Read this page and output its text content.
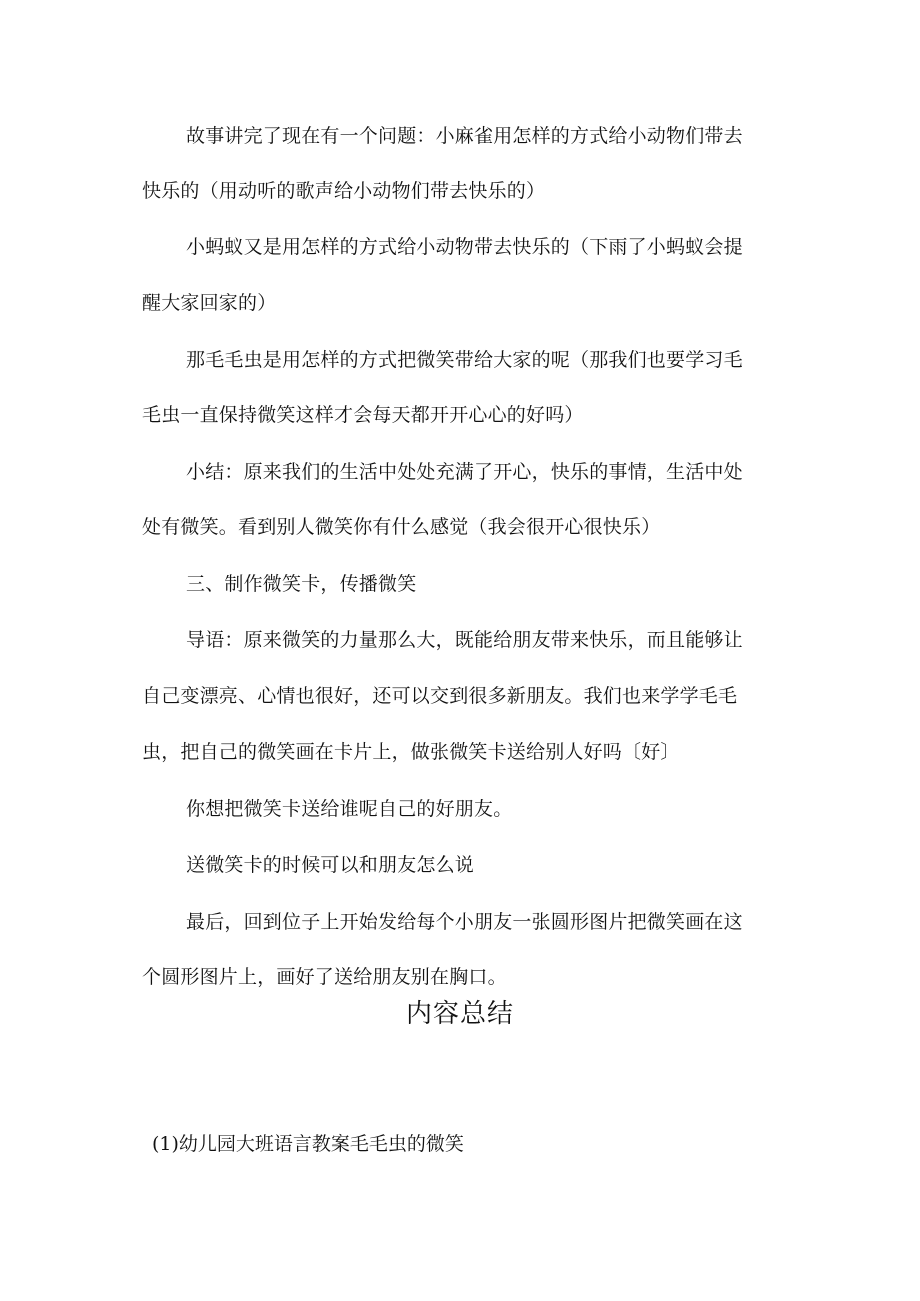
故事讲完了现在有一个问题：小麻雀用怎样的方式给小动物们带去
快乐的（用动听的歌声给小动物们带去快乐的）
小蚂蚁又是用怎样的方式给小动物带去快乐的（下雨了小蚂蚁会提
醒大家回家的）
那毛毛虫是用怎样的方式把微笑带给大家的呢（那我们也要学习毛
毛虫一直保持微笑这样才会每天都开开心心的好吗）
小结：原来我们的生活中处处充满了开心，快乐的事情，生活中处
处有微笑。看到别人微笑你有什么感觉（我会很开心很快乐）
三、制作微笑卡，传播微笑
导语：原来微笑的力量那么大，既能给朋友带来快乐，而且能够让
自己变漂亮、心情也很好，还可以交到很多新朋友。我们也来学学毛毛
虫，把自己的微笑画在卡片上，做张微笑卡送给别人好吗〔好〕
你想把微笑卡送给谁呢自己的好朋友。
送微笑卡的时候可以和朋友怎么说
最后，回到位子上开始发给每个小朋友一张圆形图片把微笑画在这
个圆形图片上，画好了送给朋友别在胸口。
内容总结
(1)幼儿园大班语言教案毛毛虫的微笑
